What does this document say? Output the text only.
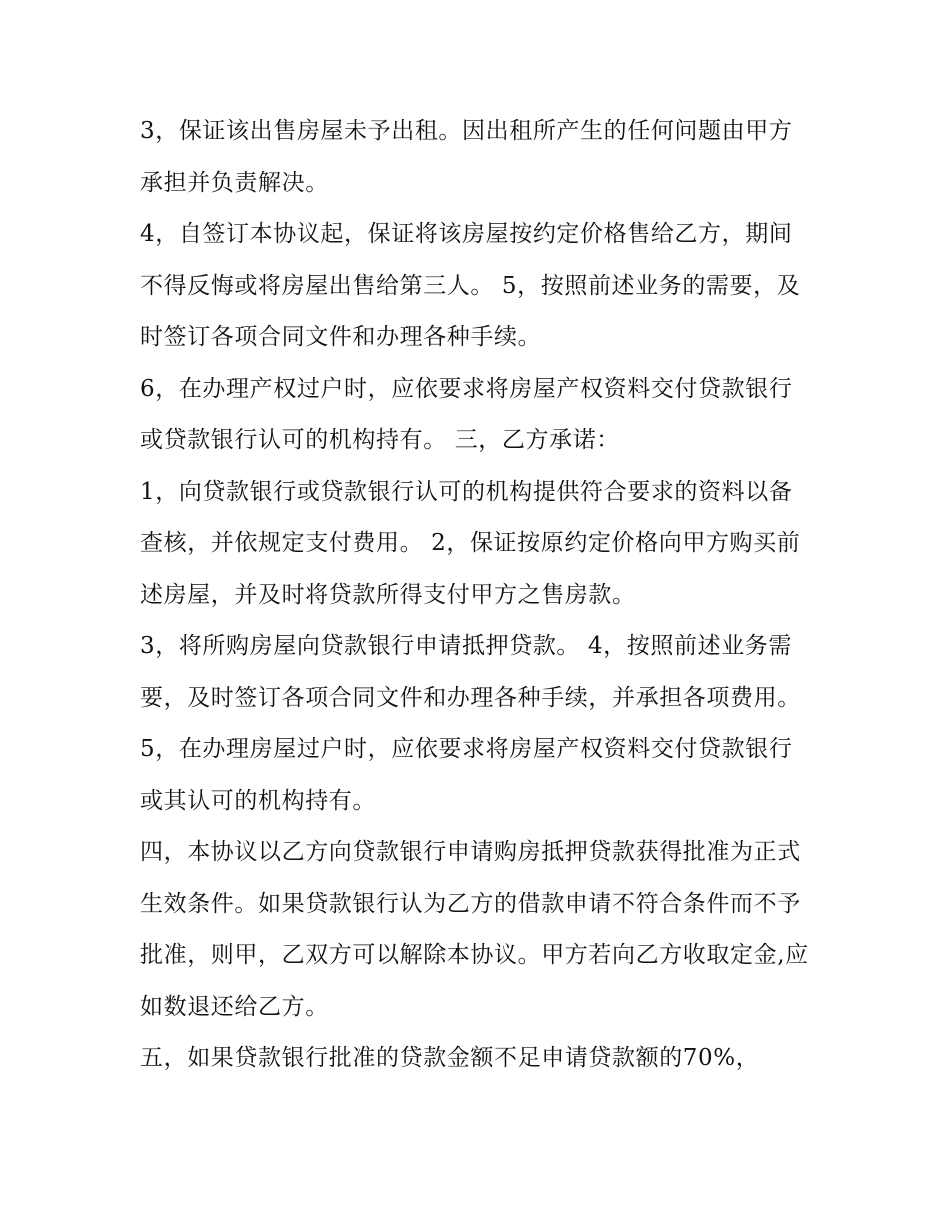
3，保证该出售房屋未予出租。因出租所产生的任何问题由甲方承担并负责解决。

4，自签订本协议起，保证将该房屋按约定价格售给乙方，期间不得反悔或将房屋出售给第三人。 5，按照前述业务的需要，及时签订各项合同文件和办理各种手续。

6，在办理产权过户时，应依要求将房屋产权资料交付贷款银行或贷款银行认可的机构持有。 三，乙方承诺：

1，向贷款银行或贷款银行认可的机构提供符合要求的资料以备查核，并依规定支付费用。 2，保证按原约定价格向甲方购买前述房屋，并及时将贷款所得支付甲方之售房款。

3，将所购房屋向贷款银行申请抵押贷款。 4，按照前述业务需要，及时签订各项合同文件和办理各种手续，并承担各项费用。

5，在办理房屋过户时，应依要求将房屋产权资料交付贷款银行或其认可的机构持有。

四，本协议以乙方向贷款银行申请购房抵押贷款获得批准为正式生效条件。如果贷款银行认为乙方的借款申请不符合条件而不予批准，则甲，乙双方可以解除本协议。甲方若向乙方收取定金,应如数退还给乙方。

五，如果贷款银行批准的贷款金额不足申请贷款额的70%，
